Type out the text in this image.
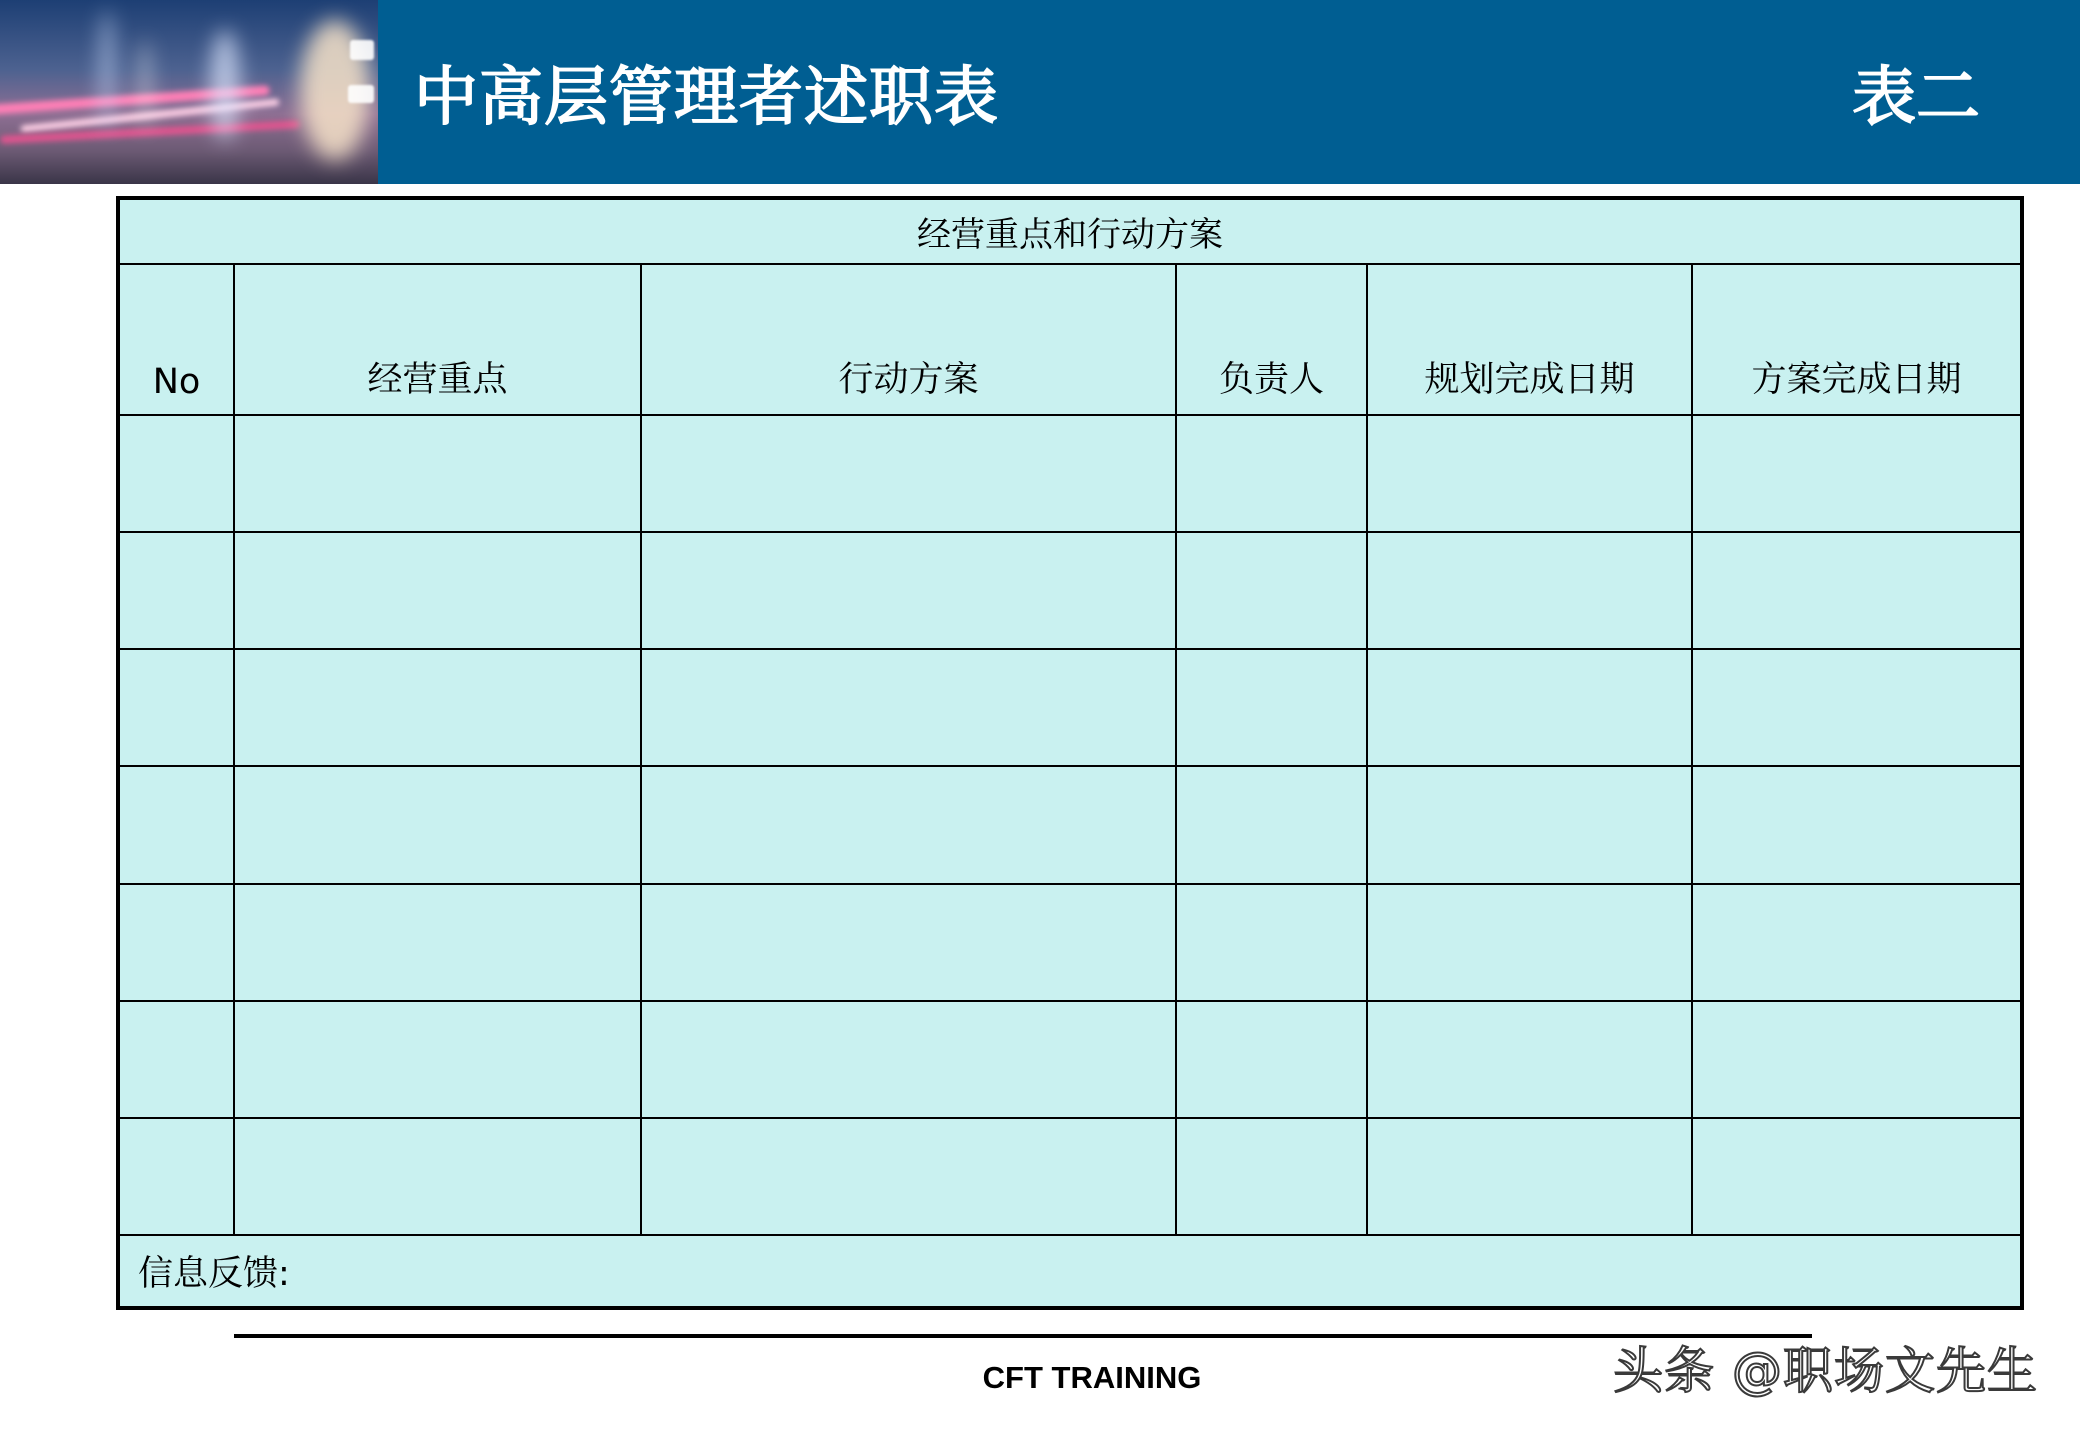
中高层管理者述职表	表二
经营重点和行动方案
No	经营重点	行动方案	负责人	规划完成日期	方案完成日期
信息反馈:
CFT TRAINING	头条 @职场文先生
